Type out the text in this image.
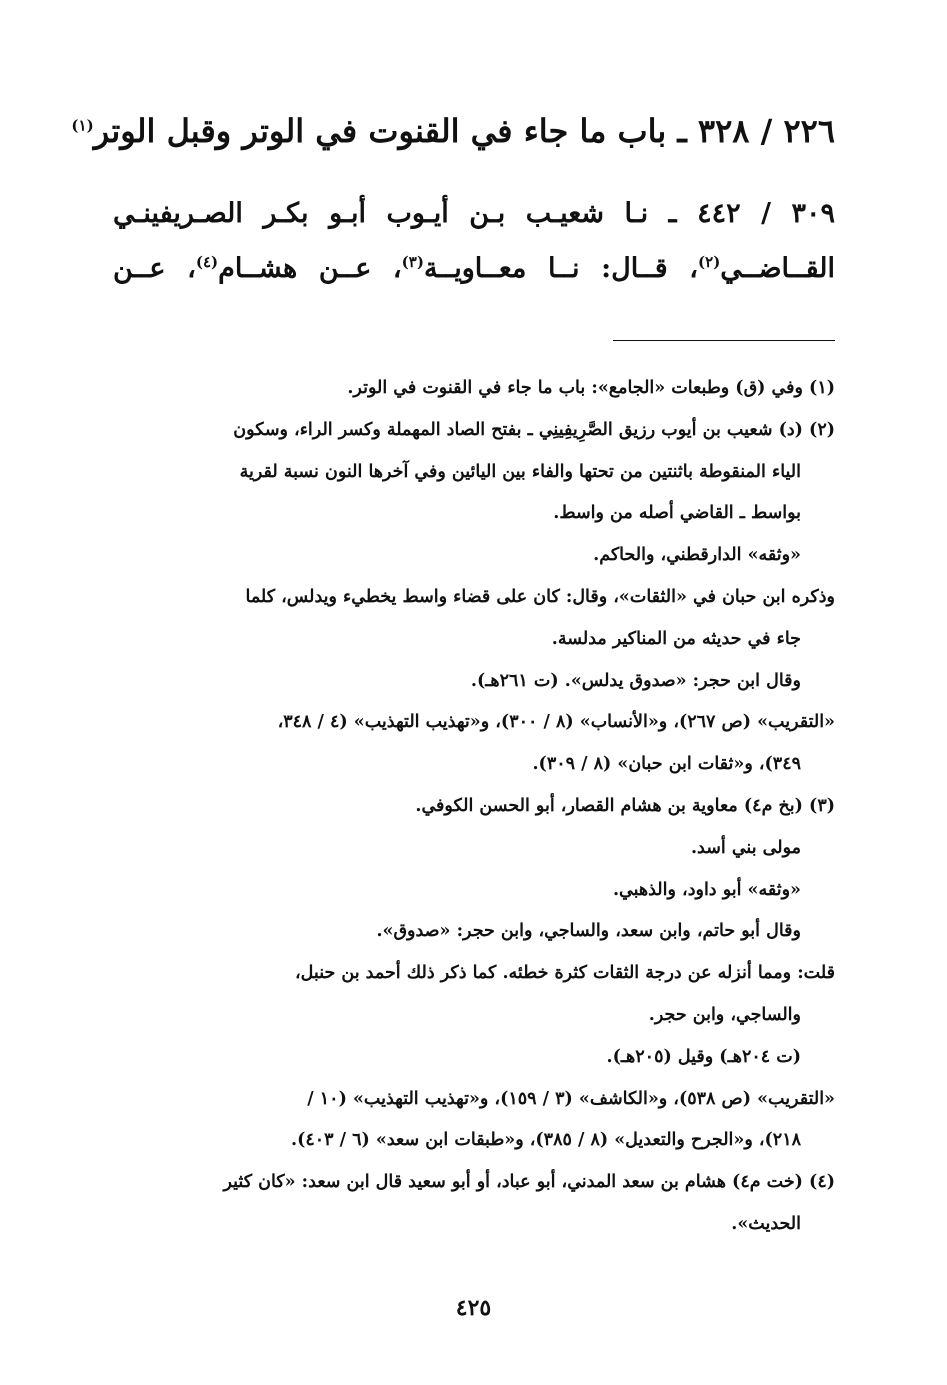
٢٢٦ / ٣٢٨ ـ باب ما جاء في القنوت في الوتر وقبل الوتر$^{(١)}$
٣٠٩ / ٤٤٢ ـ نـا شعيـب بـن أيـوب أبـو بكـر الصـريفينـي
القــاضــي$^{(٢)}$، قــال: نــا معــاويــة$^{(٣)}$، عــن هشــام$^{(٤)}$، عــن
(١) وفي (ق) وطبعات «الجامع»: باب ما جاء في القنوت في الوتر.
(٢) (د) شعيب بن أيوب رزيق الصَّرِيفِينِي ـ بفتح الصاد المهملة وكسر الراء، وسكون
الياء المنقوطة باثنتين من تحتها والفاء بين اليائين وفي آخرها النون نسبة لقرية
بواسط ـ القاضي أصله من واسط.
«وثقه» الدارقطني، والحاكم.
وذكره ابن حبان في «الثقات»، وقال: كان على قضاء واسط يخطيء ويدلس، كلما
جاء في حديثه من المناكير مدلسة.
وقال ابن حجر: «صدوق يدلس». (ت ٢٦١هـ).
«التقريب» (ص ٢٦٧)، و«الأنساب» (٨ / ٣٠٠)، و«تهذيب التهذيب» (٤ / ٣٤٨،
٣٤٩)، و«ثقات ابن حبان» (٨ / ٣٠٩).
(٣) (بخ م٤) معاوية بن هشام القصار، أبو الحسن الكوفي.
مولى بني أسد.
«وثقه» أبو داود، والذهبي.
وقال أبو حاتم، وابن سعد، والساجي، وابن حجر: «صدوق».
قلت: ومما أنزله عن درجة الثقات كثرة خطئه. كما ذكر ذلك أحمد بن حنبل،
والساجي، وابن حجر.
(ت ٢٠٤هـ) وقيل (٢٠٥هـ).
«التقريب» (ص ٥٣٨)، و«الكاشف» (٣ / ١٥٩)، و«تهذيب التهذيب» (١٠ /
٢١٨)، و«الجرح والتعديل» (٨ / ٣٨٥)، و«طبقات ابن سعد» (٦ / ٤٠٣).
(٤) (خت م٤) هشام بن سعد المدني، أبو عباد، أو أبو سعيد قال ابن سعد: «كان كثير
الحديث».
٤٢٥
